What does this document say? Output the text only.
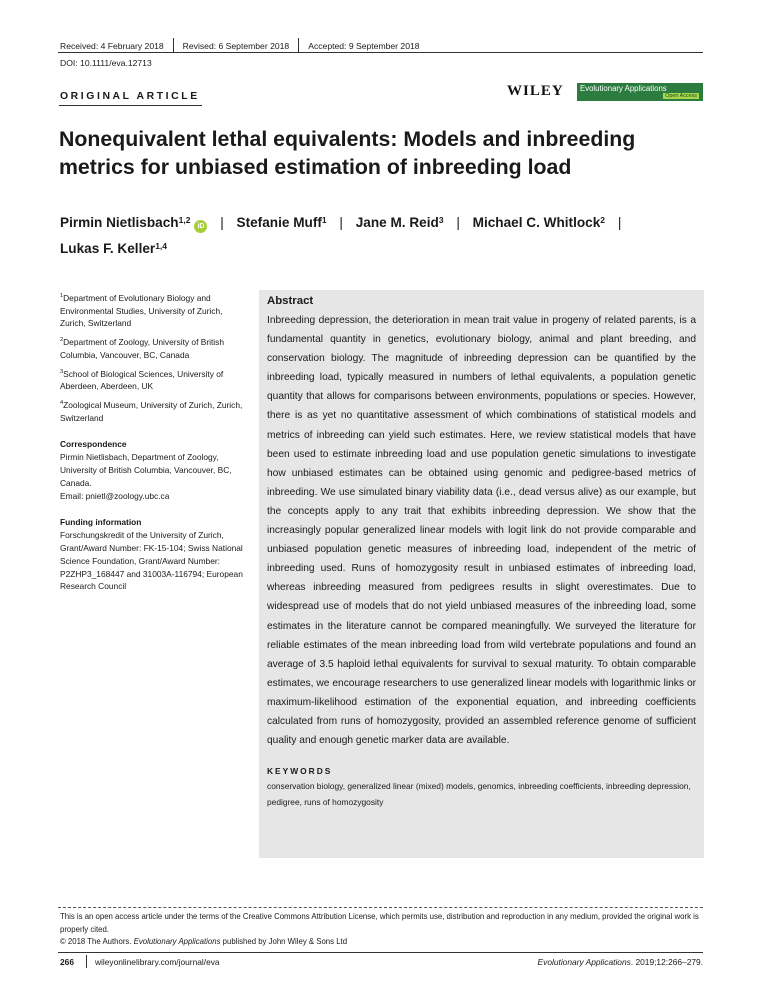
Received: 4 February 2018 Revised: 6 September 2018 Accepted: 9 September 2018
DOI: 10.1111/eva.12713
ORIGINAL ARTICLE	WILEY Evolutionary Applications
Open Access
Nonequivalent lethal equivalents: Models and inbreeding metrics for unbiased estimation of inbreeding load
Pirmin Nietlisbach$^{1,2}$iD | Stefanie Muff$^1$ | Jane M. Reid$^3$ | Michael C. Whitlock$^2$ |
Lukas F. Keller$^{1,4}$
$^1$Department of Evolutionary Biology and Environmental Studies, University of Zurich, Zurich, Switzerland
$^2$Department of Zoology, University of British Columbia, Vancouver, BC, Canada
$^3$School of Biological Sciences, University of Aberdeen, Aberdeen, UK
$^4$Zoological Museum, University of Zurich, Zurich, Switzerland
Correspondence
Pirmin Nietlisbach, Department of Zoology, University of British Columbia, Vancouver, BC, Canada.
Email: pnietl@zoology.ubc.ca
Funding information
Forschungskredit of the University of Zurich, Grant/Award Number: FK-15-104; Swiss National Science Foundation, Grant/Award Number: P2ZHP3_168447 and 31003A-116794; European Research Council
Abstract

Inbreeding depression, the deterioration in mean trait value in progeny of related parents, is a fundamental quantity in genetics, evolutionary biology, animal and plant breeding, and conservation biology. The magnitude of inbreeding depression can be quantified by the inbreeding load, typically measured in numbers of lethal equivalents, a population genetic quantity that allows for comparisons between environments, populations or species. However, there is as yet no quantitative assessment of which combinations of statistical models and metrics of inbreeding can yield such estimates. Here, we review statistical models that have been used to estimate inbreeding load and use population genetic simulations to investigate how unbiased estimates can be obtained using genomic and pedigree-based metrics of inbreeding. We use simulated binary viability data (i.e., dead versus alive) as our example, but the concepts apply to any trait that exhibits inbreeding depression. We show that the increasingly popular generalized linear models with logit link do not provide comparable and unbiased population genetic measures of inbreeding load, independent of the metric of inbreeding used. Runs of homozygosity result in unbiased estimates of inbreeding load, whereas inbreeding measured from pedigrees results in slight overestimates. Due to widespread use of models that do not yield unbiased measures of the inbreeding load, some estimates in the literature cannot be compared meaningfully. We surveyed the literature for reliable estimates of the mean inbreeding load from wild vertebrate populations and found an average of 3.5 haploid lethal equivalents for survival to sexual maturity. To obtain comparable estimates, we encourage researchers to use generalized linear models with logarithmic links or maximum-likelihood estimation of the exponential equation, and inbreeding coefficients calculated from runs of homozygosity, provided an assembled reference genome of sufficient quality and enough genetic marker data are available.

KEYWORDS
conservation biology, generalized linear (mixed) models, genomics, inbreeding coefficients, inbreeding depression, pedigree, runs of homozygosity
This is an open access article under the terms of the Creative Commons Attribution License, which permits use, distribution and reproduction in any medium, provided the original work is properly cited.
© 2018 The Authors. Evolutionary Applications published by John Wiley & Sons Ltd
266	wileyonlinelibrary.com/journal/eva	Evolutionary Applications. 2019;12:266–279.
